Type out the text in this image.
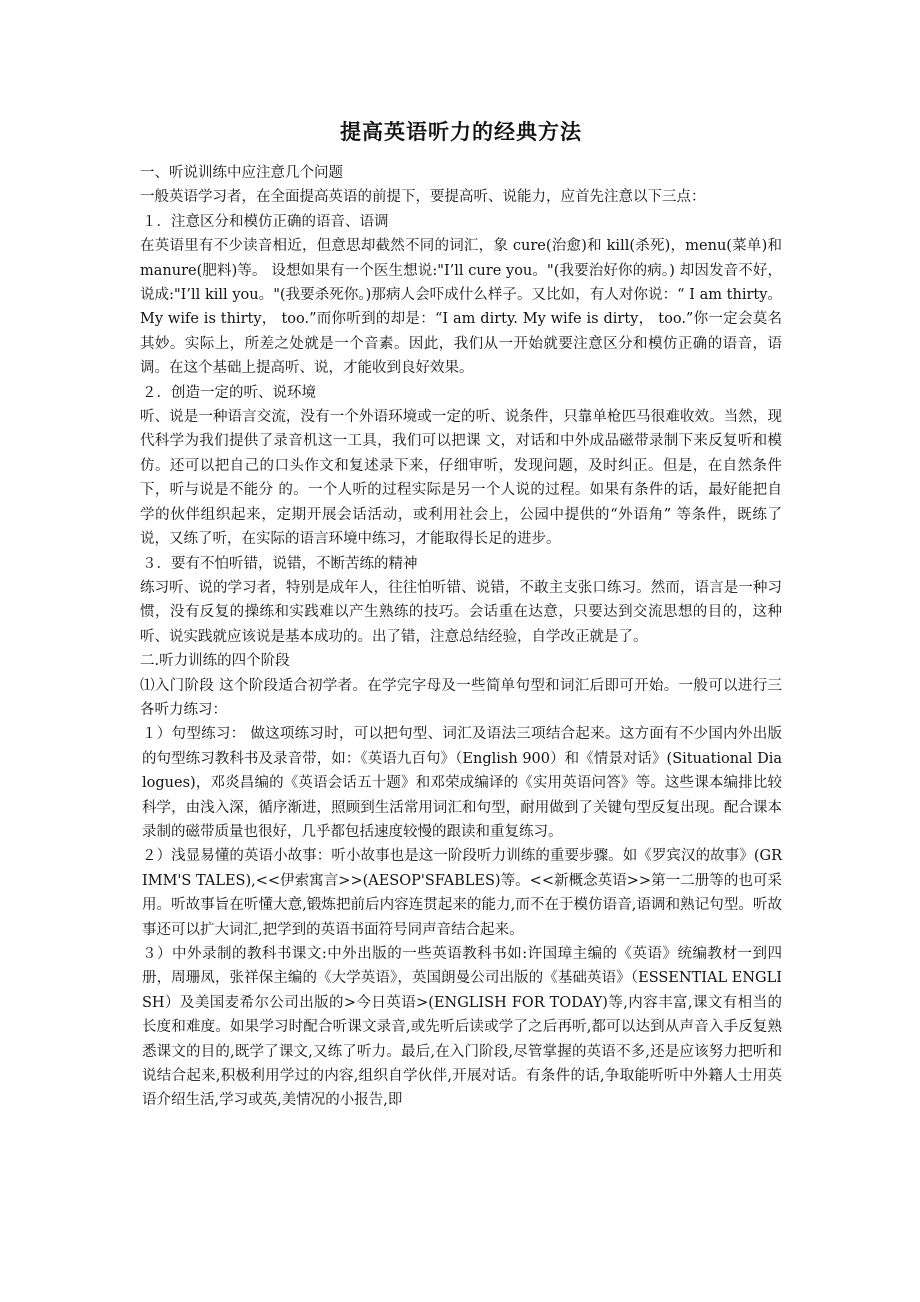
提高英语听力的经典方法

一、听说训练中应注意几个问题

一般英语学习者，在全面提高英语的前提下，要提高听、说能力，应首先注意以下三点：

１．注意区分和模仿正确的语音、语调

在英语里有不少读音相近，但意思却截然不同的词汇，象 cure(治愈)和 kill(杀死)，menu(菜单)和 manure(肥料)等。 设想如果有一个医生想说:"I’ll cure you。"(我要治好你的病。) 却因发音不好，说成:"I’ll kill you。"(我要杀死你。)那病人会吓成什么样子。又比如，有人对你说：“ I am thirty。 My wife is thirty， too.”而你听到的却是：“I am dirty. My wife is dirty， too.”你一定会莫名其妙。实际上，所差之处就是一个音素。因此，我们从一开始就要注意区分和模仿正确的语音，语调。在这个基础上提高听、说，才能收到良好效果。

２．创造一定的听、说环境

听、说是一种语言交流，没有一个外语环境或一定的听、说条件，只靠单枪匹马很难收效。当然，现代科学为我们提供了录音机这一工具，我们可以把课 文，对话和中外成品磁带录制下来反复听和模仿。还可以把自己的口头作文和复述录下来，仔细审听，发现问题，及时纠正。但是，在自然条件下，听与说是不能分 的。一个人听的过程实际是另一个人说的过程。如果有条件的话，最好能把自学的伙伴组织起来，定期开展会话活动，或利用社会上，公园中提供的“外语角” 等条件，既练了说，又练了听，在实际的语言环境中练习，才能取得长足的进步。

３．要有不怕听错，说错，不断苦练的精神

练习听、说的学习者，特别是成年人，往往怕听错、说错，不敢主支张口练习。然而，语言是一种习惯，没有反复的操练和实践难以产生熟练的技巧。会话重在达意，只要达到交流思想的目的，这种听、说实践就应该说是基本成功的。出了错，注意总结经验，自学改正就是了。

二.听力训练的四个阶段

⑴入门阶段 这个阶段适合初学者。在学完字母及一些简单句型和词汇后即可开始。一般可以进行三各听力练习：

１）句型练习： 做这项练习时，可以把句型、词汇及语法三项结合起来。这方面有不少国内外出版的句型练习教科书及录音带，如：《英语九百句》（English 900）和《情景对话》(Situational Dialogues)，邓炎昌编的《英语会话五十题》和邓荣成编译的《实用英语问答》等。这些课本编排比较科学，由浅入深，循序渐进，照顾到生活常用词汇和句型，耐用做到了关键句型反复出现。配合课本录制的磁带质量也很好，几乎都包括速度较慢的跟读和重复练习。

２）浅显易懂的英语小故事：听小故事也是这一阶段听力训练的重要步骤。如《罗宾汉的故事》(GRIMM'S TALES),<<伊索寓言>>(AESOP'SFABLES)等。<<新概念英语>>第一二册等的也可采用。听故事旨在听懂大意,锻炼把前后内容连贯起来的能力,而不在于模仿语音,语调和熟记句型。听故事还可以扩大词汇,把学到的英语书面符号同声音结合起来。

３）中外录制的教科书课文:中外出版的一些英语教科书如:许国璋主编的《英语》统编教材一到四册，周珊凤，张祥保主编的《大学英语》，英国朗曼公司出版的《基础英语》（ESSENTIAL ENGLISH）及美国麦希尔公司出版的>今日英语>(ENGLISH FOR TODAY)等,内容丰富,课文有相当的长度和难度。如果学习时配合听课文录音,或先听后读或学了之后再听,都可以达到从声音入手反复熟悉课文的目的,既学了课文,又练了听力。最后,在入门阶段,尽管掌握的英语不多,还是应该努力把听和说结合起来,积极利用学过的内容,组织自学伙伴,开展对话。有条件的话,争取能听听中外籍人士用英语介绍生活,学习或英,美情况的小报告,即
